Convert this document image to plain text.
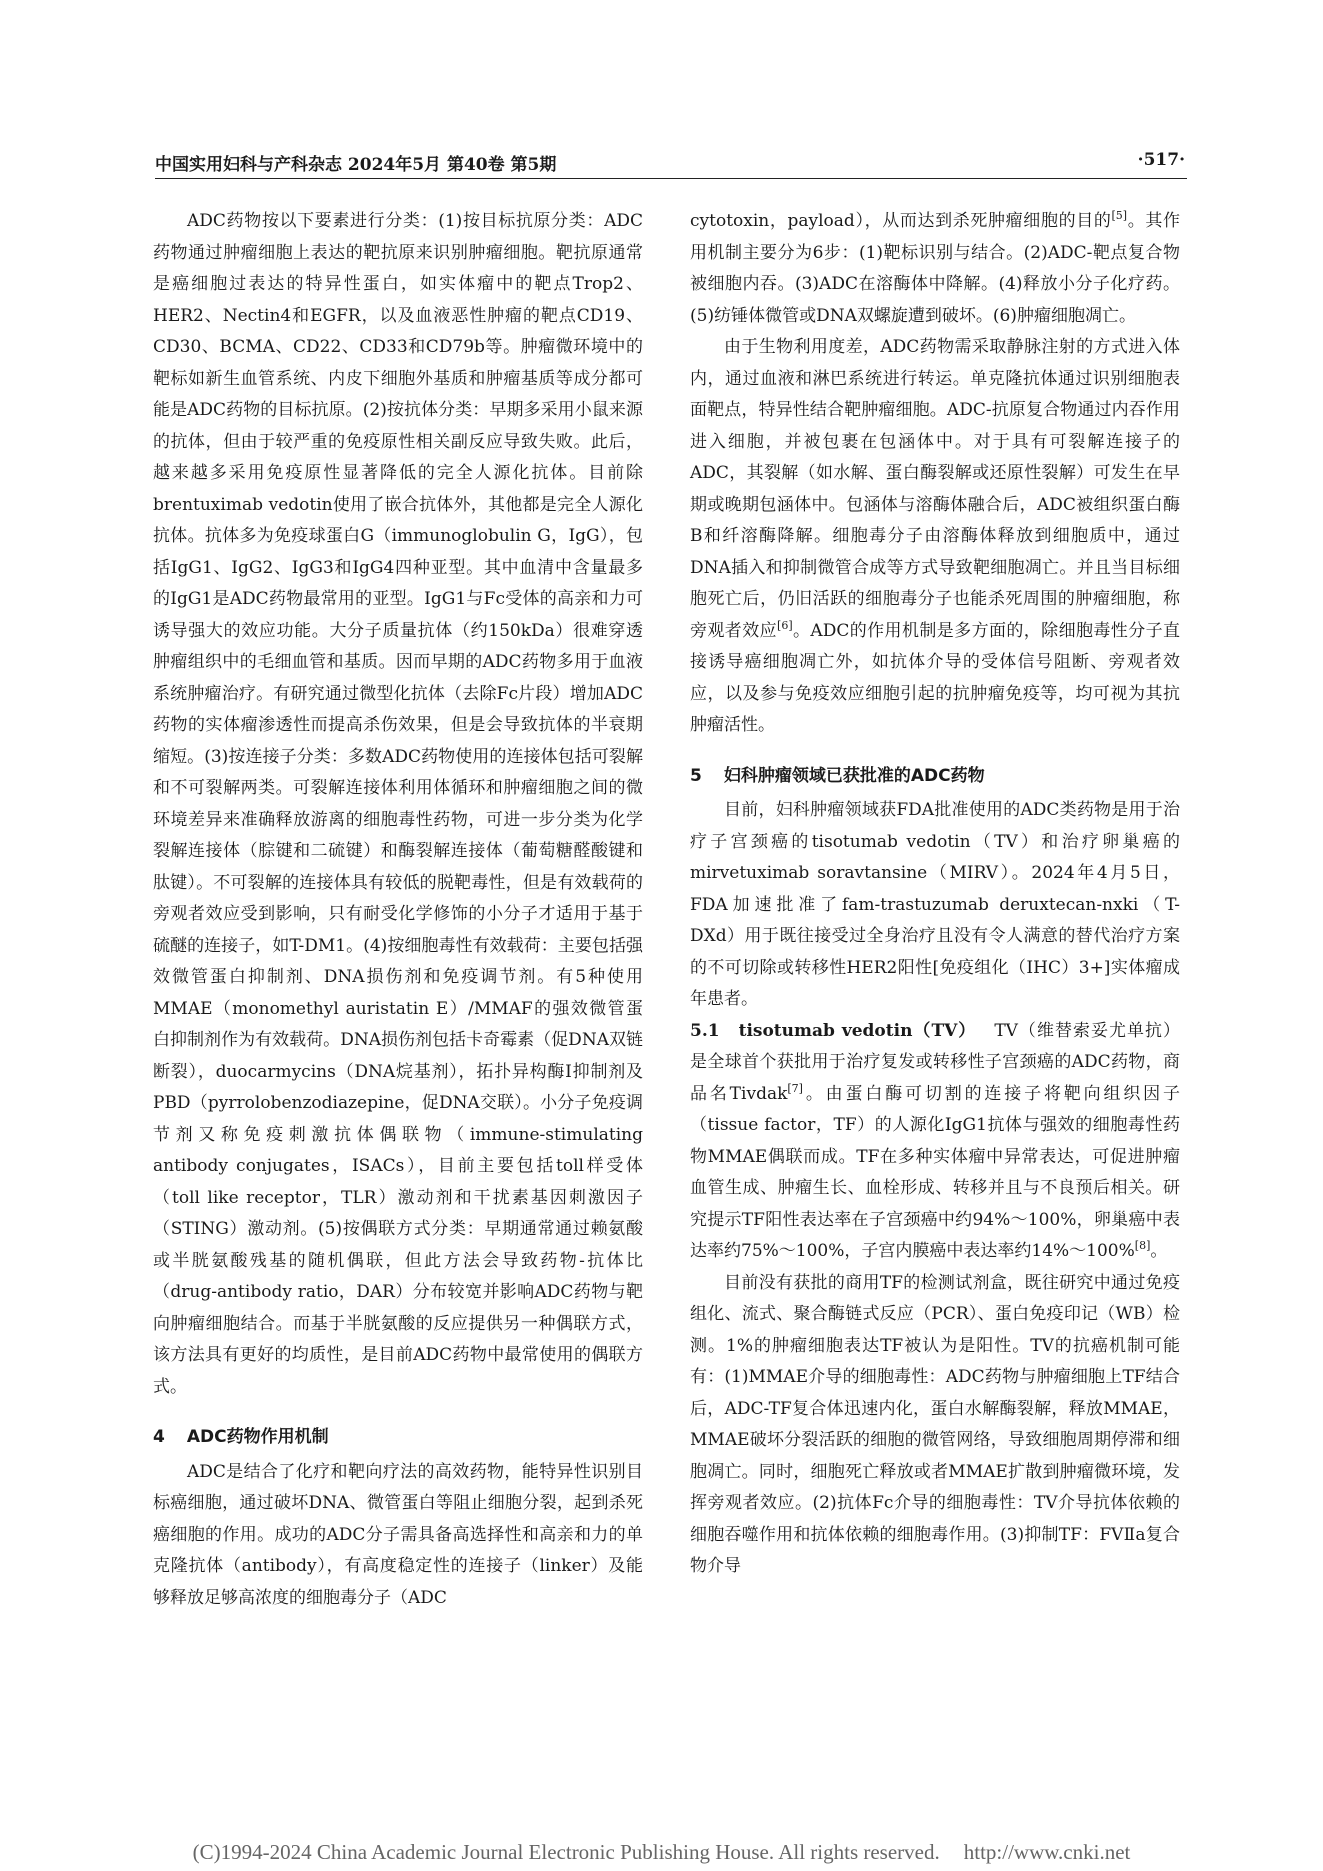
中国实用妇科与产科杂志 2024年5月 第40卷 第5期	·517·

ADC药物按以下要素进行分类：(1)按目标抗原分类：ADC药物通过肿瘤细胞上表达的靶抗原来识别肿瘤细胞。靶抗原通常是癌细胞过表达的特异性蛋白，如实体瘤中的靶点Trop2、HER2、Nectin4和EGFR，以及血液恶性肿瘤的靶点CD19、CD30、BCMA、CD22、CD33和CD79b等。肿瘤微环境中的靶标如新生血管系统、内皮下细胞外基质和肿瘤基质等成分都可能是ADC药物的目标抗原。(2)按抗体分类：早期多采用小鼠来源的抗体，但由于较严重的免疫原性相关副反应导致失败。此后，越来越多采用免疫原性显著降低的完全人源化抗体。目前除brentuximab vedotin使用了嵌合抗体外，其他都是完全人源化抗体。抗体多为免疫球蛋白G（immunoglobulin G，IgG），包括IgG1、IgG2、IgG3和IgG4四种亚型。其中血清中含量最多的IgG1是ADC药物最常用的亚型。IgG1与Fc受体的高亲和力可诱导强大的效应功能。大分子质量抗体（约150kDa）很难穿透肿瘤组织中的毛细血管和基质。因而早期的ADC药物多用于血液系统肿瘤治疗。有研究通过微型化抗体（去除Fc片段）增加ADC药物的实体瘤渗透性而提高杀伤效果，但是会导致抗体的半衰期缩短。(3)按连接子分类：多数ADC药物使用的连接体包括可裂解和不可裂解两类。可裂解连接体利用体循环和肿瘤细胞之间的微环境差异来准确释放游离的细胞毒性药物，可进一步分类为化学裂解连接体（腙键和二硫键）和酶裂解连接体（葡萄糖醛酸键和肽键）。不可裂解的连接体具有较低的脱靶毒性，但是有效载荷的旁观者效应受到影响，只有耐受化学修饰的小分子才适用于基于硫醚的连接子，如T-DM1。(4)按细胞毒性有效载荷：主要包括强效微管蛋白抑制剂、DNA损伤剂和免疫调节剂。有5种使用MMAE（monomethyl auristatin E）/MMAF的强效微管蛋白抑制剂作为有效载荷。DNA损伤剂包括卡奇霉素（促DNA双链断裂），duocarmycins（DNA烷基剂），拓扑异构酶Ⅰ抑制剂及PBD（pyrrolobenzodiazepine，促DNA交联）。小分子免疫调节剂又称免疫刺激抗体偶联物（immune-stimulating antibody conjugates，ISACs），目前主要包括toll样受体（toll like receptor，TLR）激动剂和干扰素基因刺激因子（STING）激动剂。(5)按偶联方式分类：早期通常通过赖氨酸或半胱氨酸残基的随机偶联，但此方法会导致药物-抗体比（drug-antibody ratio，DAR）分布较宽并影响ADC药物与靶向肿瘤细胞结合。而基于半胱氨酸的反应提供另一种偶联方式，该方法具有更好的均质性，是目前ADC药物中最常使用的偶联方式。

4 ADC药物作用机制

ADC是结合了化疗和靶向疗法的高效药物，能特异性识别目标癌细胞，通过破坏DNA、微管蛋白等阻止细胞分裂，起到杀死癌细胞的作用。成功的ADC分子需具备高选择性和高亲和力的单克隆抗体（antibody），有高度稳定性的连接子（linker）及能够释放足够高浓度的细胞毒分子（ADC

cytotoxin，payload），从而达到杀死肿瘤细胞的目的[5]。其作用机制主要分为6步：(1)靶标识别与结合。(2)ADC-靶点复合物被细胞内吞。(3)ADC在溶酶体中降解。(4)释放小分子化疗药。(5)纺锤体微管或DNA双螺旋遭到破坏。(6)肿瘤细胞凋亡。

由于生物利用度差，ADC药物需采取静脉注射的方式进入体内，通过血液和淋巴系统进行转运。单克隆抗体通过识别细胞表面靶点，特异性结合靶肿瘤细胞。ADC-抗原复合物通过内吞作用进入细胞，并被包裹在包涵体中。对于具有可裂解连接子的ADC，其裂解（如水解、蛋白酶裂解或还原性裂解）可发生在早期或晚期包涵体中。包涵体与溶酶体融合后，ADC被组织蛋白酶B和纤溶酶降解。细胞毒分子由溶酶体释放到细胞质中，通过DNA插入和抑制微管合成等方式导致靶细胞凋亡。并且当目标细胞死亡后，仍旧活跃的细胞毒分子也能杀死周围的肿瘤细胞，称旁观者效应[6]。ADC的作用机制是多方面的，除细胞毒性分子直接诱导癌细胞凋亡外，如抗体介导的受体信号阻断、旁观者效应，以及参与免疫效应细胞引起的抗肿瘤免疫等，均可视为其抗肿瘤活性。

5 妇科肿瘤领域已获批准的ADC药物

目前，妇科肿瘤领域获FDA批准使用的ADC类药物是用于治疗子宫颈癌的tisotumab vedotin（TV）和治疗卵巢癌的mirvetuximab soravtansine（MIRV）。2024年4月5日，FDA加速批准了fam-trastuzumab deruxtecan-nxki（T-DXd）用于既往接受过全身治疗且没有令人满意的替代治疗方案的不可切除或转移性HER2阳性[免疫组化（IHC）3+]实体瘤成年患者。

5.1　tisotumab vedotin（TV） TV（维替索妥尤单抗）是全球首个获批用于治疗复发或转移性子宫颈癌的ADC药物，商品名Tivdak[7]。由蛋白酶可切割的连接子将靶向组织因子（tissue factor，TF）的人源化IgG1抗体与强效的细胞毒性药物MMAE偶联而成。TF在多种实体瘤中异常表达，可促进肿瘤血管生成、肿瘤生长、血栓形成、转移并且与不良预后相关。研究提示TF阳性表达率在子宫颈癌中约94%～100%，卵巢癌中表达率约75%～100%，子宫内膜癌中表达率约14%～100%[8]。

目前没有获批的商用TF的检测试剂盒，既往研究中通过免疫组化、流式、聚合酶链式反应（PCR）、蛋白免疫印记（WB）检测。1%的肿瘤细胞表达TF被认为是阳性。TV的抗癌机制可能有：(1)MMAE介导的细胞毒性：ADC药物与肿瘤细胞上TF结合后，ADC-TF复合体迅速内化，蛋白水解酶裂解，释放MMAE，MMAE破坏分裂活跃的细胞的微管网络，导致细胞周期停滞和细胞凋亡。同时，细胞死亡释放或者MMAE扩散到肿瘤微环境，发挥旁观者效应。(2)抗体Fc介导的细胞毒性：TV介导抗体依赖的细胞吞噬作用和抗体依赖的细胞毒作用。(3)抑制TF：FVⅡa复合物介导

(C)1994-2024 China Academic Journal Electronic Publishing House. All rights reserved. http://www.cnki.net
